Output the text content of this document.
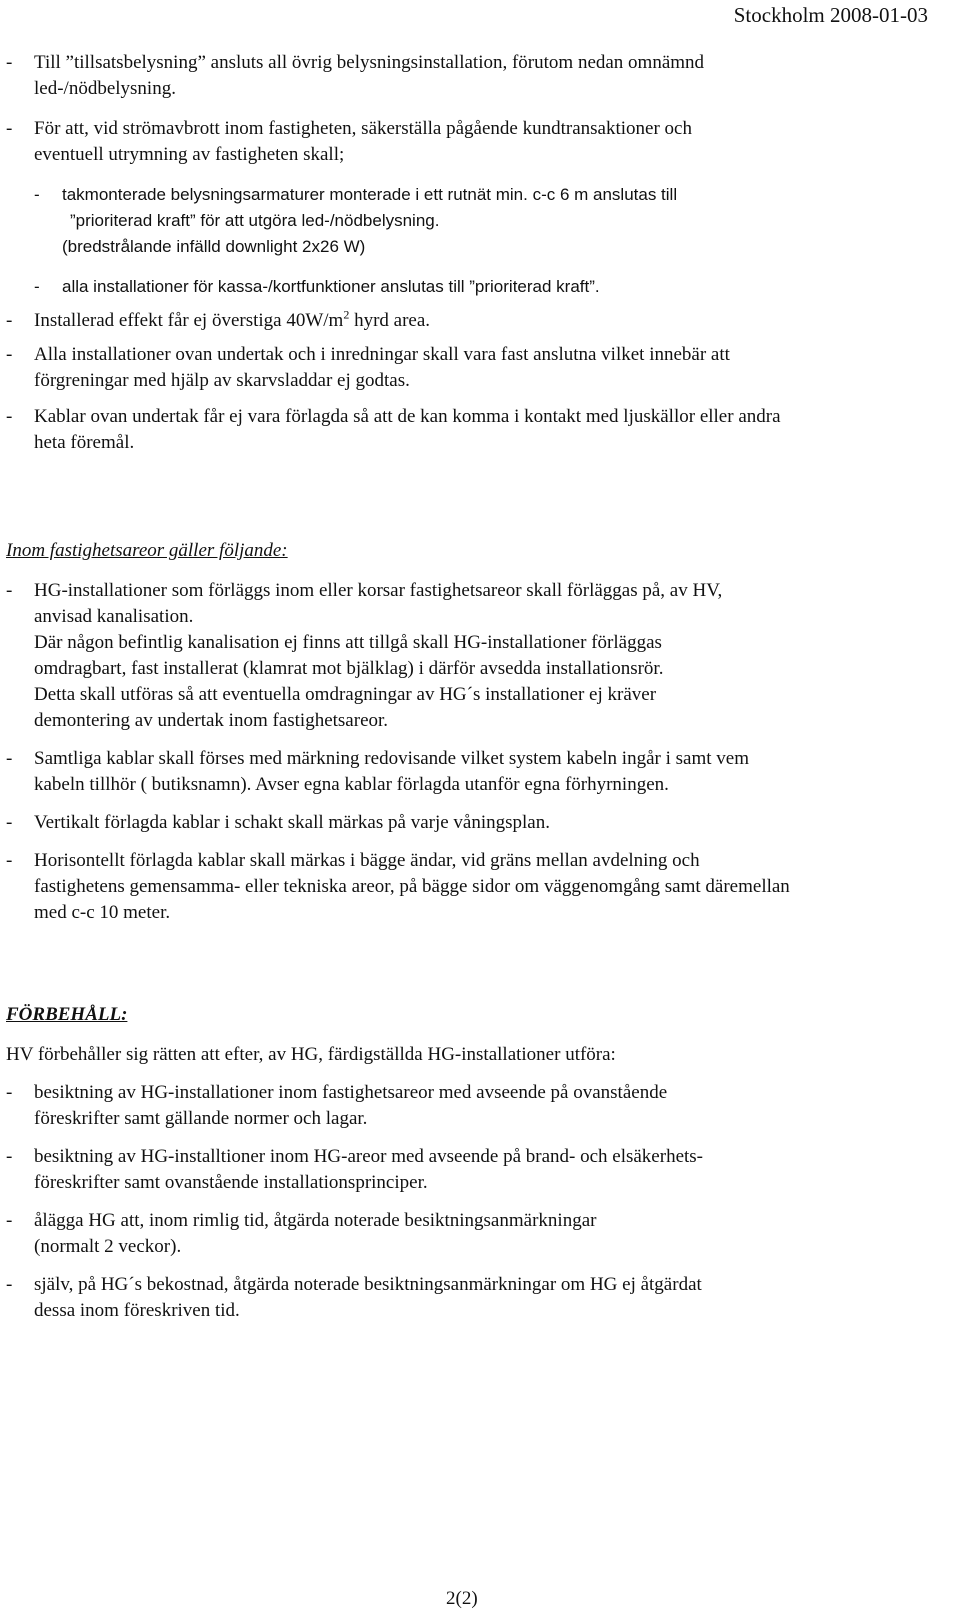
Stockholm 2008-01-03
- Till ”tillsatsbelysning” ansluts all övrig belysningsinstallation, förutom nedan omnämnd
led-/nödbelysning.
- För att, vid strömavbrott inom fastigheten, säkerställa pågående kundtransaktioner och
eventuell utrymning av fastigheten skall;
- takmonterade belysningsarmaturer monterade i ett rutnät min. c-c 6 m anslutas till
”prioriterad kraft” för att utgöra led-/nödbelysning.
(bredstrålande infälld downlight 2x26 W)
- alla installationer för kassa-/kortfunktioner anslutas till ”prioriterad kraft”.
- Installerad effekt får ej överstiga $40W/m^2$ hyrd area.
- Alla installationer ovan undertak och i inredningar skall vara fast anslutna vilket innebär att
förgreningar med hjälp av skarvsladdar ej godtas.
- Kablar ovan undertak får ej vara förlagda så att de kan komma i kontakt med ljuskällor eller andra
heta föremål.
Inom fastighetsareor gäller följande:
- HG-installationer som förläggs inom eller korsar fastighetsareor skall förläggas på, av HV,
anvisad kanalisation.
Där någon befintlig kanalisation ej finns att tillgå skall HG-installationer förläggas
omdragbart, fast installerat (klamrat mot bjälklag) i därför avsedda installationsrör.
Detta skall utföras så att eventuella omdragningar av HG´s installationer ej kräver
demontering av undertak inom fastighetsareor.
- Samtliga kablar skall förses med märkning redovisande vilket system kabeln ingår i samt vem
kabeln tillhör ( butiksnamn). Avser egna kablar förlagda utanför egna förhyrningen.
- Vertikalt förlagda kablar i schakt skall märkas på varje våningsplan.
- Horisontellt förlagda kablar skall märkas i bägge ändar, vid gräns mellan avdelning och
fastighetens gemensamma- eller tekniska areor, på bägge sidor om väggenomgång samt däremellan
med c-c 10 meter.
FÖRBEHÅLL:
HV förbehåller sig rätten att efter, av HG, färdigställda HG-installationer utföra:
- besiktning av HG-installationer inom fastighetsareor med avseende på ovanstående
föreskrifter samt gällande normer och lagar.
- besiktning av HG-installtioner inom HG-areor med avseende på brand- och elsäkerhets-
föreskrifter samt ovanstående installationsprinciper.
- ålägga HG att, inom rimlig tid, åtgärda noterade besiktningsanmärkningar
(normalt 2 veckor).
- själv, på HG´s bekostnad, åtgärda noterade besiktningsanmärkningar om HG ej åtgärdat
dessa inom föreskriven tid.
2(2)
